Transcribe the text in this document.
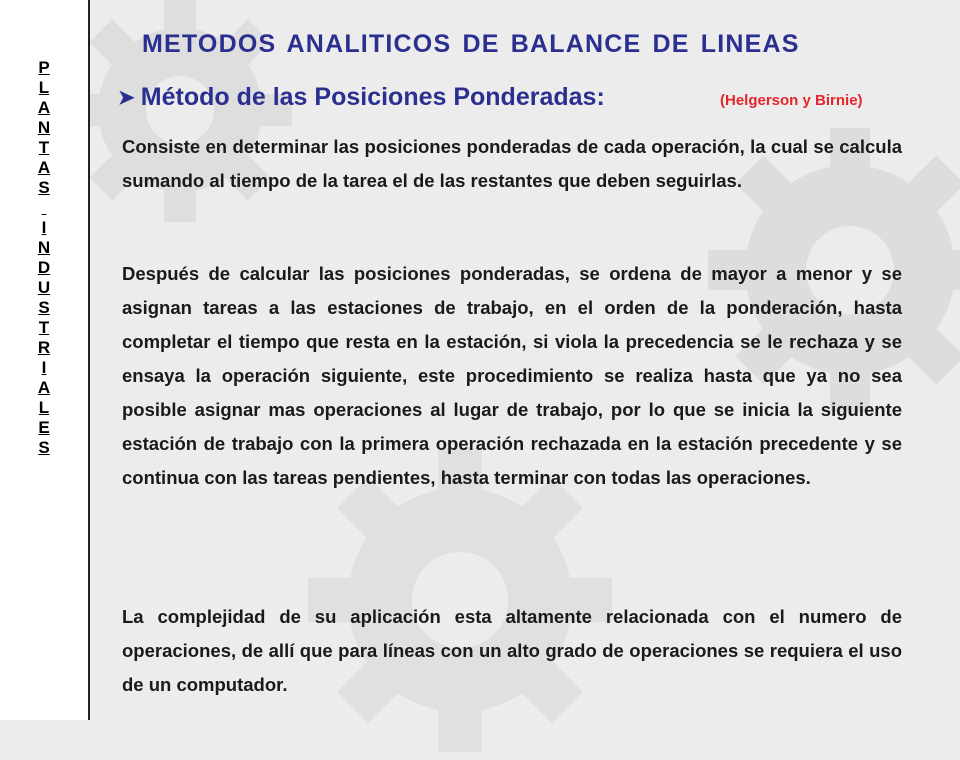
P
L
A
N
T
A
S

I
N
D
U
S
T
R
I
A
L
E
S
METODOS ANALITICOS DE BALANCE DE LINEAS
➤ Método de las Posiciones Ponderadas:	(Helgerson y Birnie)
Consiste en determinar las posiciones ponderadas de cada operación, la cual se calcula sumando al tiempo de la tarea el de las restantes que deben seguirlas.
Después de calcular las posiciones ponderadas, se ordena de mayor a menor y se asignan tareas a las estaciones de trabajo, en el orden de la ponderación, hasta completar el tiempo que resta en la estación, si viola la precedencia se le rechaza y se ensaya la operación siguiente, este procedimiento se realiza hasta que ya no sea posible asignar mas operaciones al lugar de trabajo, por lo que se inicia la siguiente estación de trabajo con la primera operación rechazada en la estación precedente y se continua con las tareas pendientes, hasta terminar con todas las operaciones.
La complejidad de su aplicación esta altamente relacionada con el numero de operaciones, de allí que para líneas con un alto grado de operaciones se requiera el uso de un computador.
